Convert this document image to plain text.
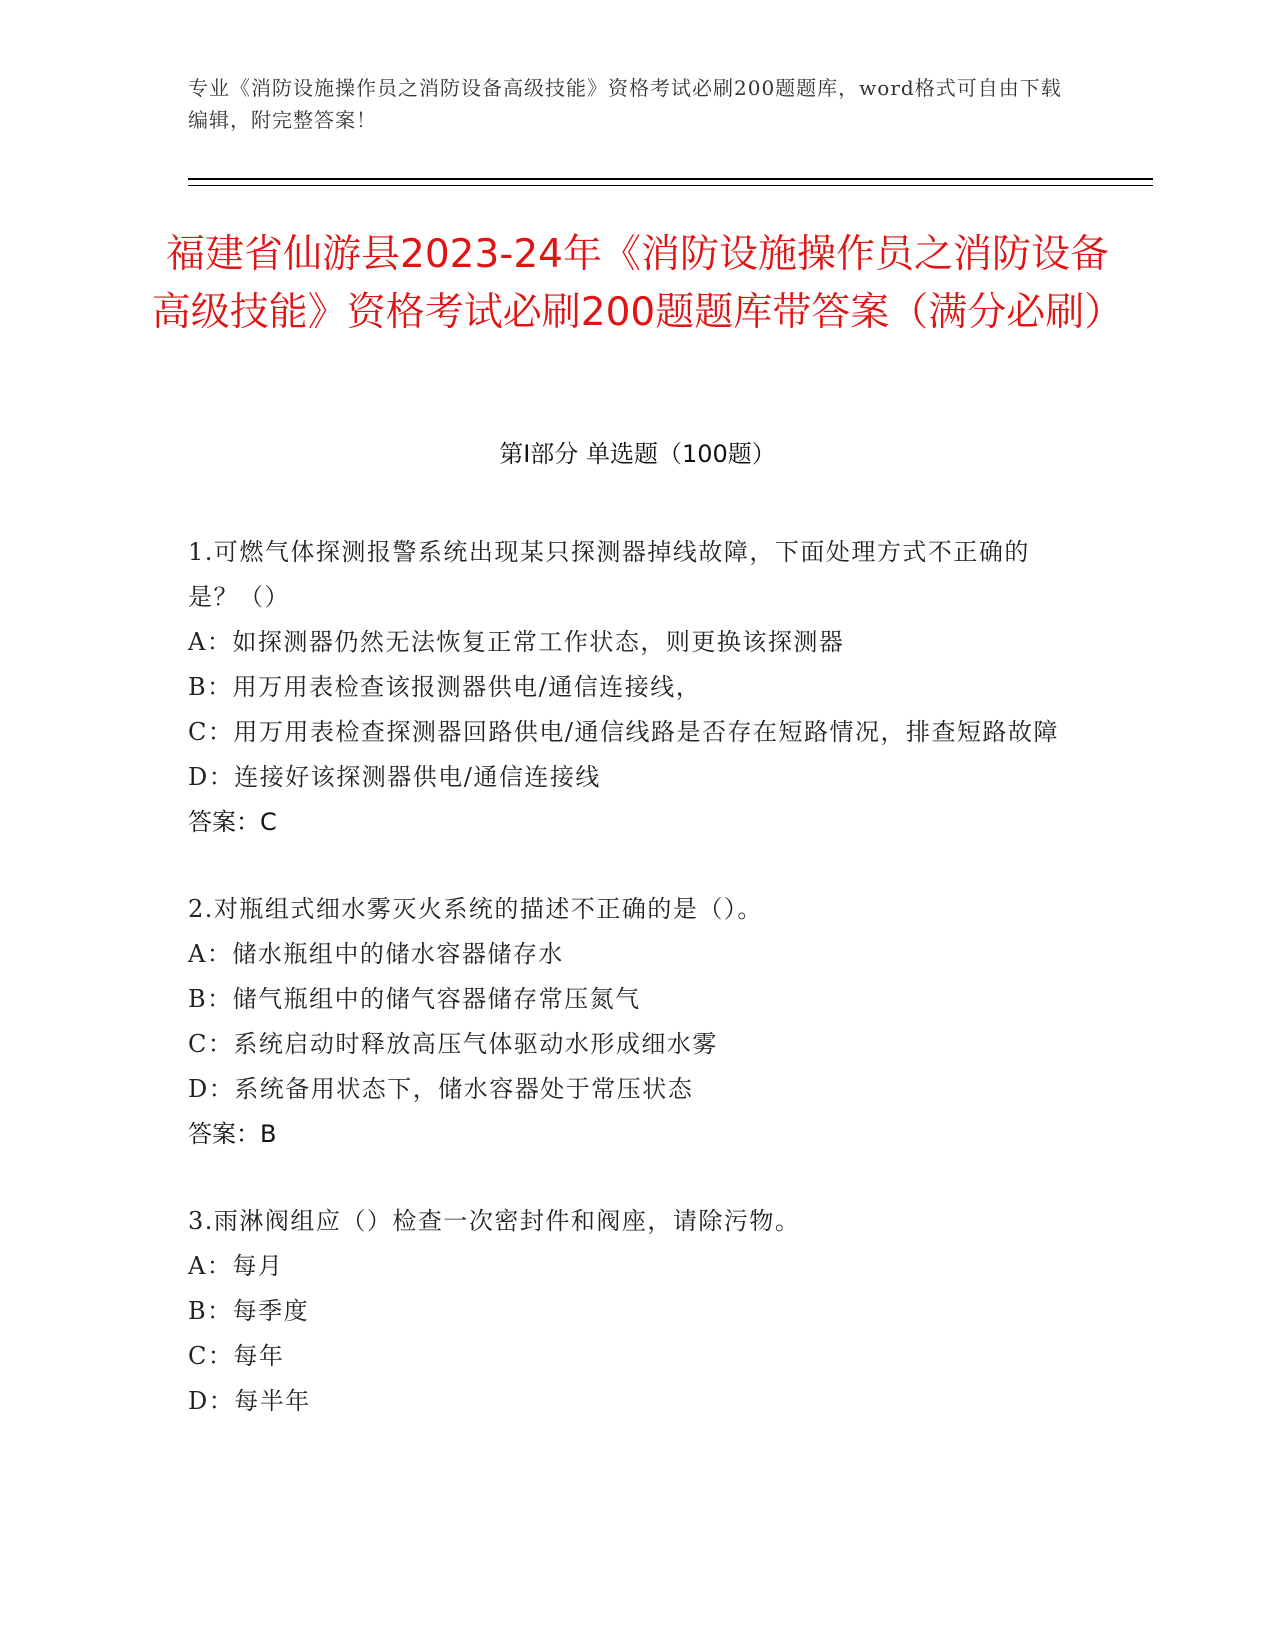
专业《消防设施操作员之消防设备高级技能》资格考试必刷200题题库，word格式可自由下载编辑，附完整答案！
福建省仙游县2023-24年《消防设施操作员之消防设备高级技能》资格考试必刷200题题库带答案（满分必刷）
第Ⅰ部分 单选题（100题）
1.可燃气体探测报警系统出现某只探测器掉线故障，下面处理方式不正确的是？（）
A：如探测器仍然无法恢复正常工作状态，则更换该探测器
B：用万用表检查该报测器供电/通信连接线，
C：用万用表检查探测器回路供电/通信线路是否存在短路情况，排查短路故障
D：连接好该探测器供电/通信连接线
答案：C
2.对瓶组式细水雾灭火系统的描述不正确的是（）。
A：储水瓶组中的储水容器储存水
B：储气瓶组中的储气容器储存常压氮气
C：系统启动时释放高压气体驱动水形成细水雾
D：系统备用状态下，储水容器处于常压状态
答案：B
3.雨淋阀组应（）检查一次密封件和阀座，请除污物。
A：每月
B：每季度
C：每年
D：每半年
